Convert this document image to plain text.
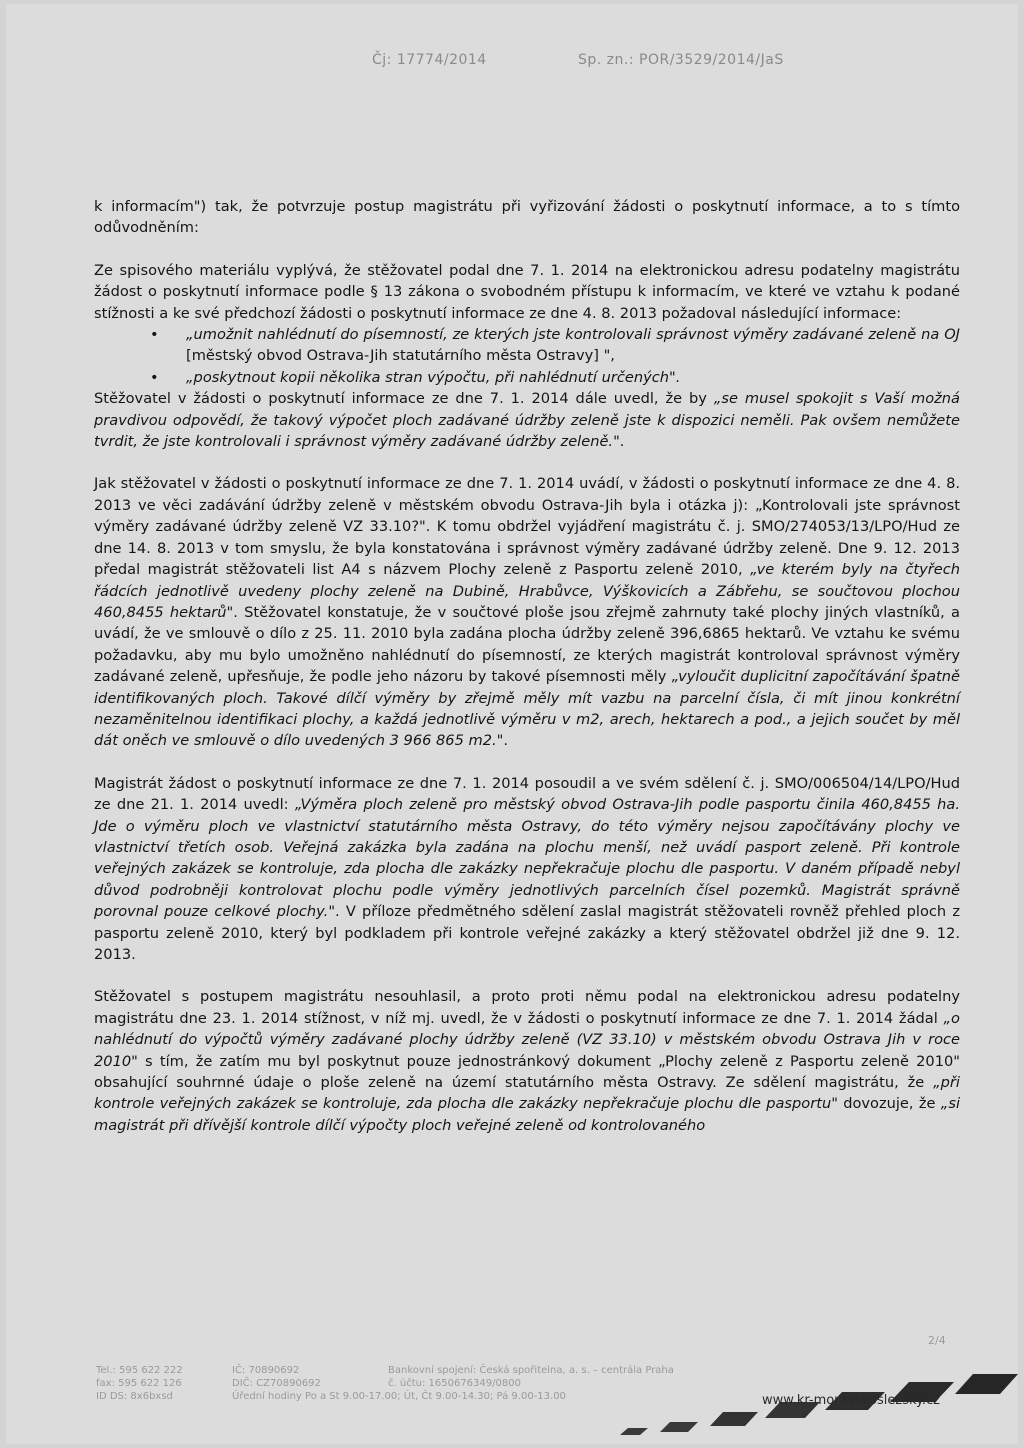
Čj: 17774/2014	Sp. zn.: POR/3529/2014/JaS

k informacím") tak, že potvrzuje postup magistrátu při vyřizování žádosti o poskytnutí informace, a to s tímto odůvodněním:

Ze spisového materiálu vyplývá, že stěžovatel podal dne 7. 1. 2014 na elektronickou adresu podatelny magistrátu žádost o poskytnutí informace podle § 13 zákona o svobodném přístupu k informacím, ve které ve vztahu k podané stížnosti a ke své předchozí žádosti o poskytnutí informace ze dne 4. 8. 2013 požadoval následující informace:

• „umožnit nahlédnutí do písemností, ze kterých jste kontrolovali správnost výměry zadávané zeleně na OJ [městský obvod Ostrava-Jih statutárního města Ostravy] ",
• „poskytnout kopii několika stran výpočtu, při nahlédnutí určených".

Stěžovatel v žádosti o poskytnutí informace ze dne 7. 1. 2014 dále uvedl, že by „se musel spokojit s Vaší možná pravdivou odpovědí, že takový výpočet ploch zadávané údržby zeleně jste k dispozici neměli. Pak ovšem nemůžete tvrdit, že jste kontrolovali i správnost výměry zadávané údržby zeleně.".

Jak stěžovatel v žádosti o poskytnutí informace ze dne 7. 1. 2014 uvádí, v žádosti o poskytnutí informace ze dne 4. 8. 2013 ve věci zadávání údržby zeleně v městském obvodu Ostrava-Jih byla i otázka j): „Kontrolovali jste správnost výměry zadávané údržby zeleně VZ 33.10?". K tomu obdržel vyjádření magistrátu č. j. SMO/274053/13/LPO/Hud ze dne 14. 8. 2013 v tom smyslu, že byla konstatována i správnost výměry zadávané údržby zeleně. Dne 9. 12. 2013 předal magistrát stěžovateli list A4 s názvem Plochy zeleně z Pasportu zeleně 2010, „ve kterém byly na čtyřech řádcích jednotlivě uvedeny plochy zeleně na Dubině, Hrabůvce, Výškovicích a Zábřehu, se součtovou plochou 460,8455 hektarů". Stěžovatel konstatuje, že v součtové ploše jsou zřejmě zahrnuty také plochy jiných vlastníků, a uvádí, že ve smlouvě o dílo z 25. 11. 2010 byla zadána plocha údržby zeleně 396,6865 hektarů. Ve vztahu ke svému požadavku, aby mu bylo umožněno nahlédnutí do písemností, ze kterých magistrát kontroloval správnost výměry zadávané zeleně, upřesňuje, že podle jeho názoru by takové písemnosti měly „vyloučit duplicitní započítávání špatně identifikovaných ploch. Takové dílčí výměry by zřejmě měly mít vazbu na parcelní čísla, či mít jinou konkrétní nezaměnitelnou identifikaci plochy, a každá jednotlivě výměru v m2, arech, hektarech a pod., a jejich součet by měl dát oněch ve smlouvě o dílo uvedených 3 966 865 m2.".

Magistrát žádost o poskytnutí informace ze dne 7. 1. 2014 posoudil a ve svém sdělení č. j. SMO/006504/14/LPO/Hud ze dne 21. 1. 2014 uvedl: „Výměra ploch zeleně pro městský obvod Ostrava-Jih podle pasportu činila 460,8455 ha. Jde o výměru ploch ve vlastnictví statutárního města Ostravy, do této výměry nejsou započítávány plochy ve vlastnictví třetích osob. Veřejná zakázka byla zadána na plochu menší, než uvádí pasport zeleně. Při kontrole veřejných zakázek se kontroluje, zda plocha dle zakázky nepřekračuje plochu dle pasportu. V daném případě nebyl důvod podrobněji kontrolovat plochu podle výměry jednotlivých parcelních čísel pozemků. Magistrát správně porovnal pouze celkové plochy.". V příloze předmětného sdělení zaslal magistrát stěžovateli rovněž přehled ploch z pasportu zeleně 2010, který byl podkladem při kontrole veřejné zakázky a který stěžovatel obdržel již dne 9. 12. 2013.

Stěžovatel s postupem magistrátu nesouhlasil, a proto proti němu podal na elektronickou adresu podatelny magistrátu dne 23. 1. 2014 stížnost, v níž mj. uvedl, že v žádosti o poskytnutí informace ze dne 7. 1. 2014 žádal „o nahlédnutí do výpočtů výměry zadávané plochy údržby zeleně (VZ 33.10) v městském obvodu Ostrava Jih v roce 2010" s tím, že zatím mu byl poskytnut pouze jednostránkový dokument „Plochy zeleně z Pasportu zeleně 2010" obsahující souhrnné údaje o ploše zeleně na území statutárního města Ostravy. Ze sdělení magistrátu, že „při kontrole veřejných zakázek se kontroluje, zda plocha dle zakázky nepřekračuje plochu dle pasportu" dovozuje, že „si magistrát při dřívější kontrole dílčí výpočty ploch veřejné zeleně od kontrolovaného

2/4
Tel.: 595 622 222
fax: 595 622 126
ID DS: 8x6bxsd
IČ: 70890692
DIČ: CZ70890692
Úřední hodiny Po a St 9.00-17.00; Út, Čt 9.00-14.30; Pá 9.00-13.00
Bankovní spojení: Česká spořitelna, a. s. – centrála Praha
č. účtu: 1650676349/0800
www.kr-moravskoslezsky.cz
